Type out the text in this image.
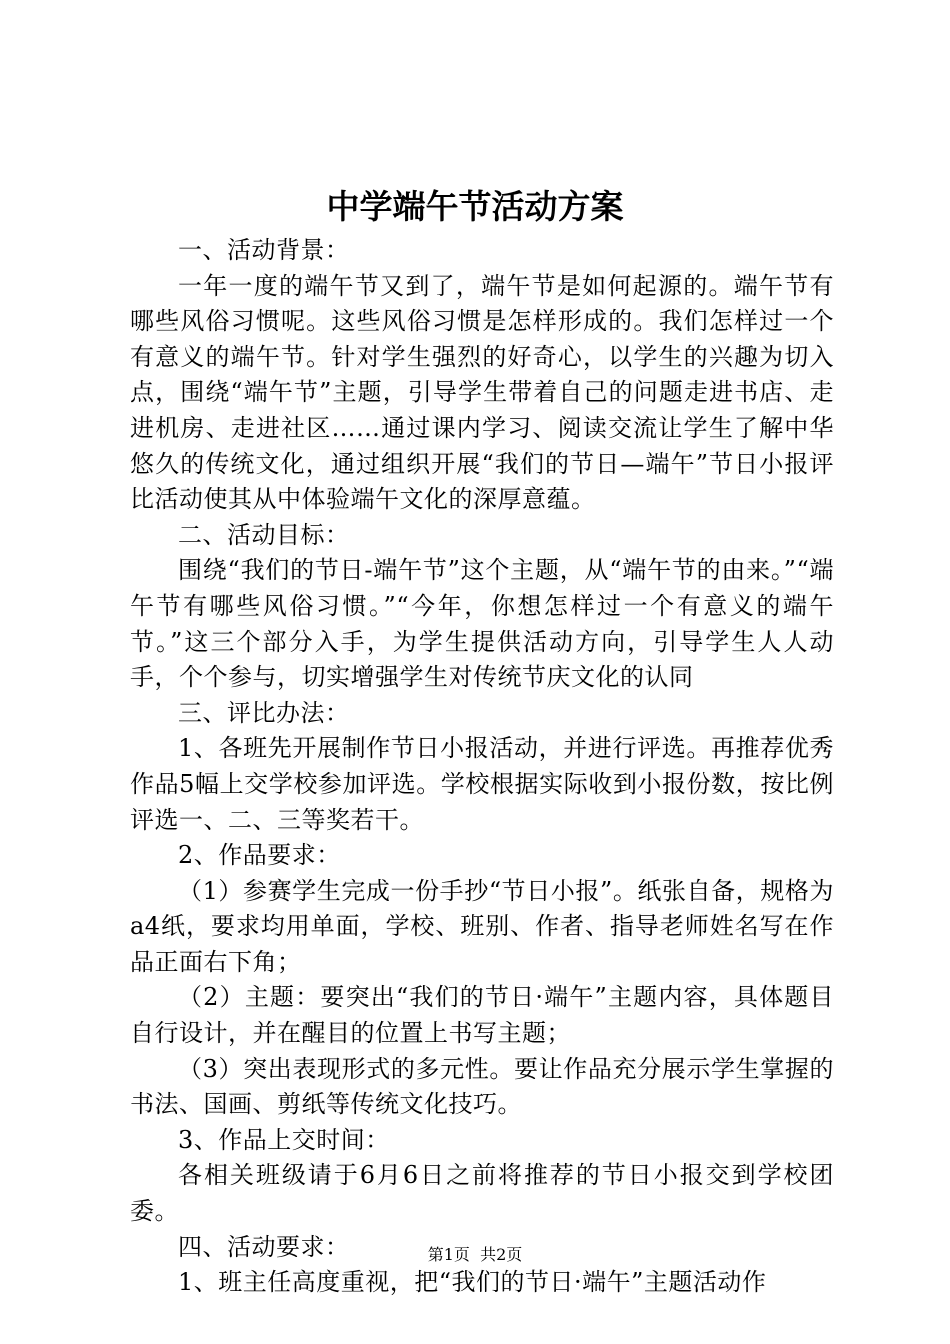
中学端午节活动方案

一、活动背景：

一年一度的端午节又到了，端午节是如何起源的。端午节有哪些风俗习惯呢。这些风俗习惯是怎样形成的。我们怎样过一个有意义的端午节。针对学生强烈的好奇心，以学生的兴趣为切入点，围绕“端午节”主题，引导学生带着自己的问题走进书店、走进机房、走进社区……通过课内学习、阅读交流让学生了解中华悠久的传统文化，通过组织开展“我们的节日—端午”节日小报评比活动使其从中体验端午文化的深厚意蕴。

二、活动目标：

围绕“我们的节日-端午节”这个主题，从“端午节的由来。”“端午节有哪些风俗习惯。”“今年，你想怎样过一个有意义的端午节。”这三个部分入手，为学生提供活动方向，引导学生人人动手，个个参与，切实增强学生对传统节庆文化的认同

三、评比办法：

1、各班先开展制作节日小报活动，并进行评选。再推荐优秀作品5幅上交学校参加评选。学校根据实际收到小报份数，按比例评选一、二、三等奖若干。

2、作品要求：

（1）参赛学生完成一份手抄“节日小报”。纸张自备，规格为a4纸，要求均用单面，学校、班别、作者、指导老师姓名写在作品正面右下角；

（2）主题：要突出“我们的节日·端午”主题内容，具体题目自行设计，并在醒目的位置上书写主题；

（3）突出表现形式的多元性。要让作品充分展示学生掌握的书法、国画、剪纸等传统文化技巧。

3、作品上交时间：

各相关班级请于6月6日之前将推荐的节日小报交到学校团委。

四、活动要求：

1、班主任高度重视，把“我们的节日·端午”主题活动作

第1页  共2页
